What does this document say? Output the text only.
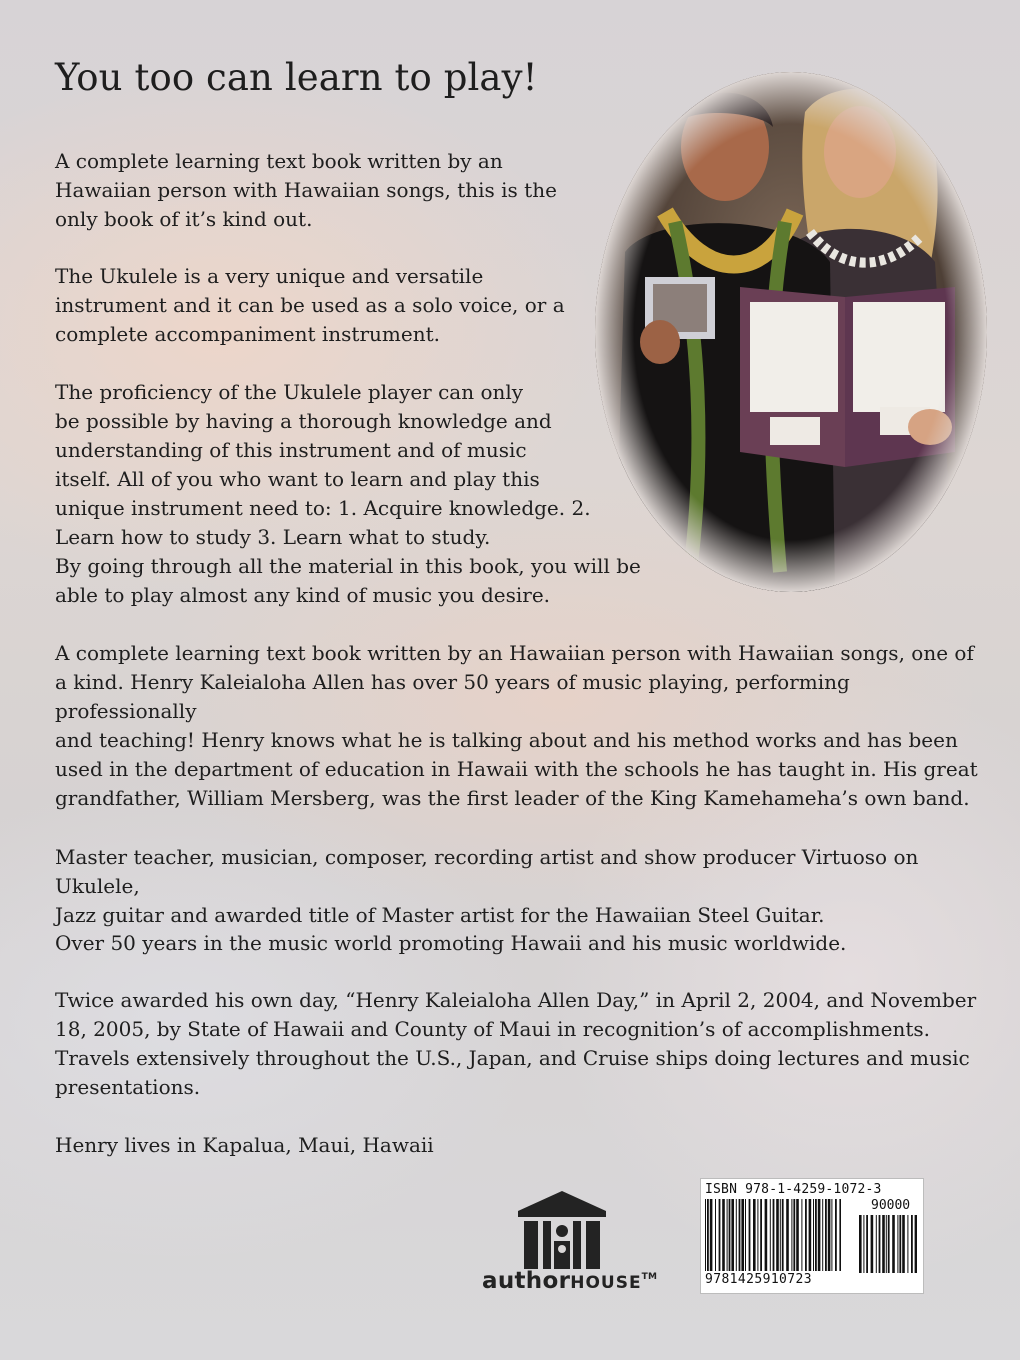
You too can learn to play!

A complete learning text book written by an
Hawaiian person with Hawaiian songs, this is the
only book of it’s kind out.

The Ukulele is a very unique and versatile
instrument and it can be used as a solo voice, or a
complete accompaniment instrument.

The proficiency of the Ukulele player can only
be possible by having a thorough knowledge and
understanding of this instrument and of music
itself. All of you who want to learn and play this
unique instrument need to: 1. Acquire knowledge. 2.
Learn how to study 3. Learn what to study.
By going through all the material in this book, you will be
able to play almost any kind of music you desire.

A complete learning text book written by an Hawaiian person with Hawaiian songs, one of
a kind. Henry Kaleialoha Allen has over 50 years of music playing, performing professionally
and teaching! Henry knows what he is talking about and his method works and has been
used in the department of education in Hawaii with the schools he has taught in. His great
grandfather, William Mersberg, was the first leader of the King Kamehameha’s own band.

Master teacher, musician, composer, recording artist and show producer Virtuoso on Ukulele,
Jazz guitar and awarded title of Master artist for the Hawaiian Steel Guitar.

Over 50 years in the music world promoting Hawaii and his music worldwide.

Twice awarded his own day, “Henry Kaleialoha Allen Day,” in April 2, 2004, and November
18, 2005, by State of Hawaii and County of Maui in recognition’s of accomplishments.
Travels extensively throughout the U.S., Japan, and Cruise ships doing lectures and music
presentations.

Henry lives in Kapalua, Maui, Hawaii

authorHOUSE™
ISBN 978-1-4259-1072-3
90000
9781425910723
